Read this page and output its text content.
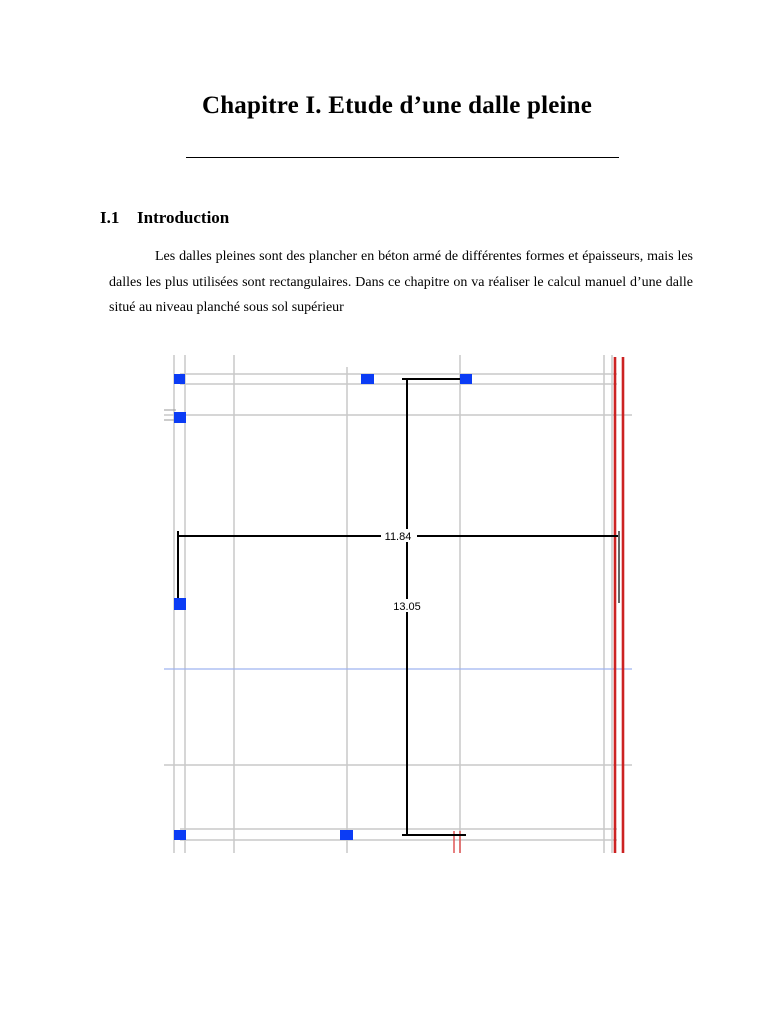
Chapitre I. Etude d’une dalle pleine
I.1 Introduction
Les dalles pleines sont des plancher en béton armé de différentes formes et épaisseurs, mais les dalles les plus utilisées sont rectangulaires. Dans ce chapitre on va réaliser le calcul manuel d’une dalle situé au niveau planché sous sol supérieur
11.84
13.05
